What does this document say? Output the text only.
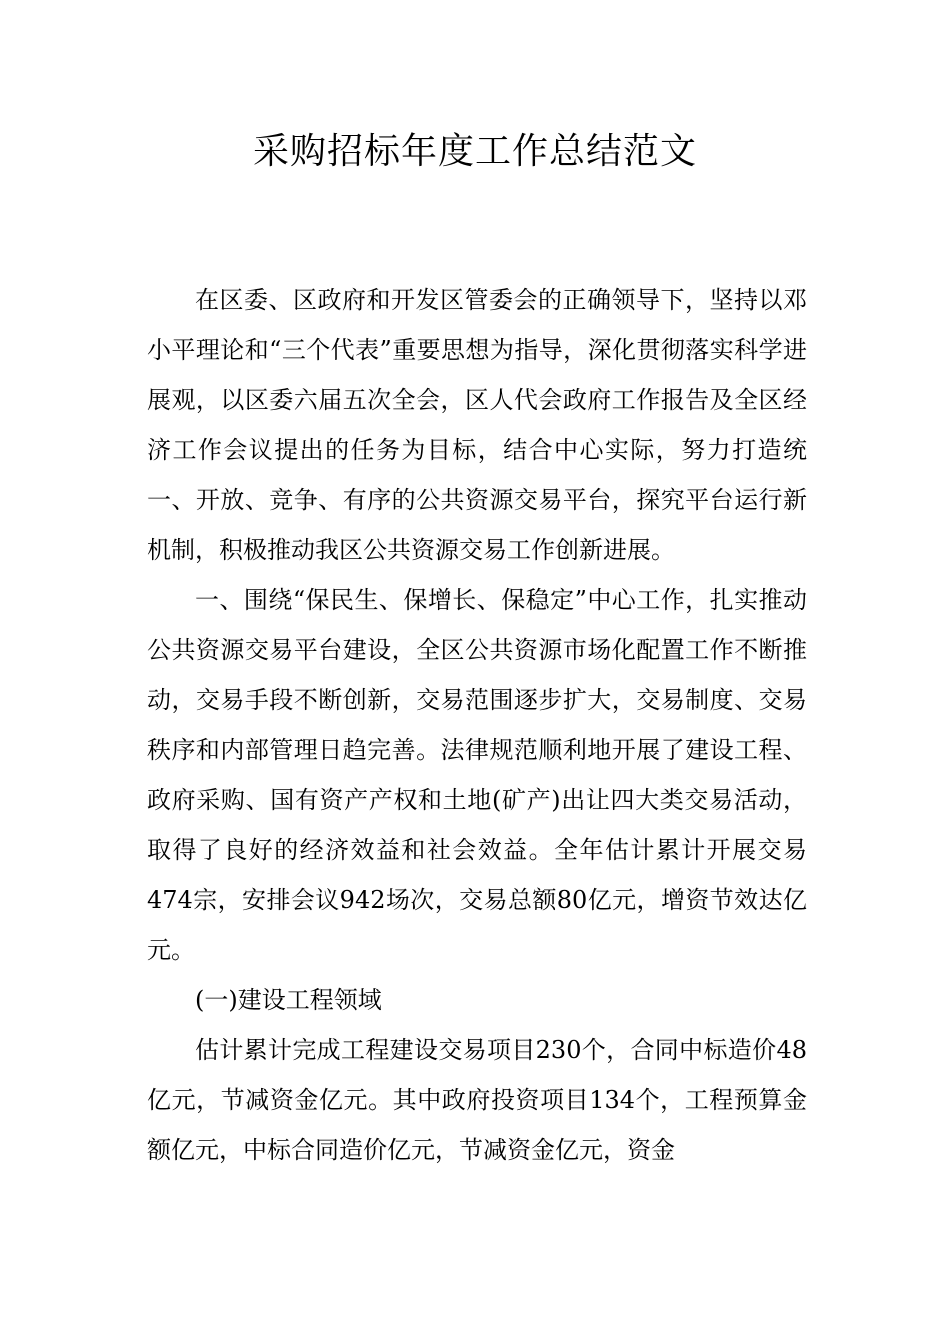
采购招标年度工作总结范文

在区委、区政府和开发区管委会的正确领导下，坚持以邓小平理论和“三个代表”重要思想为指导，深化贯彻落实科学进展观，以区委六届五次全会，区人代会政府工作报告及全区经济工作会议提出的任务为目标，结合中心实际，努力打造统一、开放、竞争、有序的公共资源交易平台，探究平台运行新机制，积极推动我区公共资源交易工作创新进展。

一、围绕“保民生、保增长、保稳定”中心工作，扎实推动公共资源交易平台建设，全区公共资源市场化配置工作不断推动，交易手段不断创新，交易范围逐步扩大，交易制度、交易秩序和内部管理日趋完善。法律规范顺利地开展了建设工程、政府采购、国有资产产权和土地(矿产)出让四大类交易活动，取得了良好的经济效益和社会效益。全年估计累计开展交易474宗，安排会议942场次，交易总额80亿元，增资节效达亿元。

(一)建设工程领域

估计累计完成工程建设交易项目230个，合同中标造价48亿元，节减资金亿元。其中政府投资项目134个，工程预算金额亿元，中标合同造价亿元，节减资金亿元，资金
